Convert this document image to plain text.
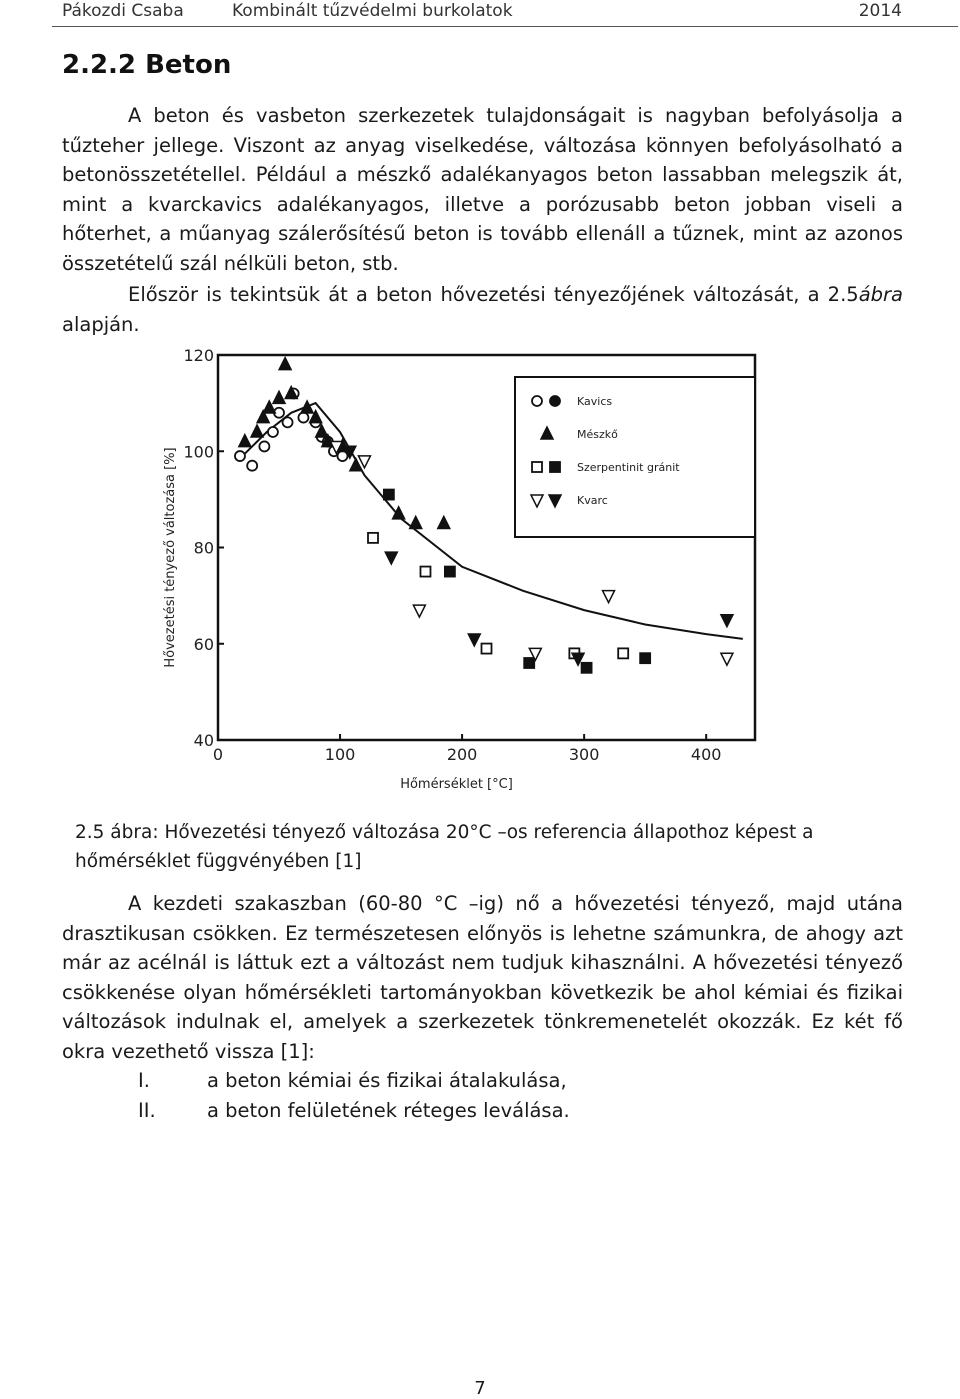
Pákozdi Csaba	Kombinált tűzvédelmi burkolatok	2014
2.2.2 Beton

A beton és vasbeton szerkezetek tulajdonságait is nagyban befolyásolja a tűzteher jellege. Viszont az anyag viselkedése, változása könnyen befolyásolható a betonösszetétellel. Például a mészkő adalékanyagos beton lassabban melegszik át, mint a kvarckavics adalékanyagos, illetve a porózusabb beton jobban viseli a hőterhet, a műanyag szálerősítésű beton is tovább ellenáll a tűznek, mint az azonos összetételű szál nélküli beton, stb.

Először is tekintsük át a beton hővezetési tényezőjének változását, a 2.5ábra alapján.

0	100	200	300	400
40
60
80
100
120
Hőmérséklet [°C]
Hővezetési tényező változása [%]
Kavics
Mészkő
Szerpentinit gránit
Kvarc

2.5 ábra: Hővezetési tényező változása 20°C –os referencia állapothoz képest a hőmérséklet függvényében [1]

A kezdeti szakaszban (60-80 °C –ig) nő a hővezetési tényező, majd utána drasztikusan csökken. Ez természetesen előnyös is lehetne számunkra, de ahogy azt már az acélnál is láttuk ezt a változást nem tudjuk kihasználni. A hővezetési tényező csökkenése olyan hőmérsékleti tartományokban következik be ahol kémiai és fizikai változások indulnak el, amelyek a szerkezetek tönkremenetelét okozzák. Ez két fő okra vezethető vissza [1]:

I.	a beton kémiai és fizikai átalakulása,
II.	a beton felületének réteges leválása.
7
